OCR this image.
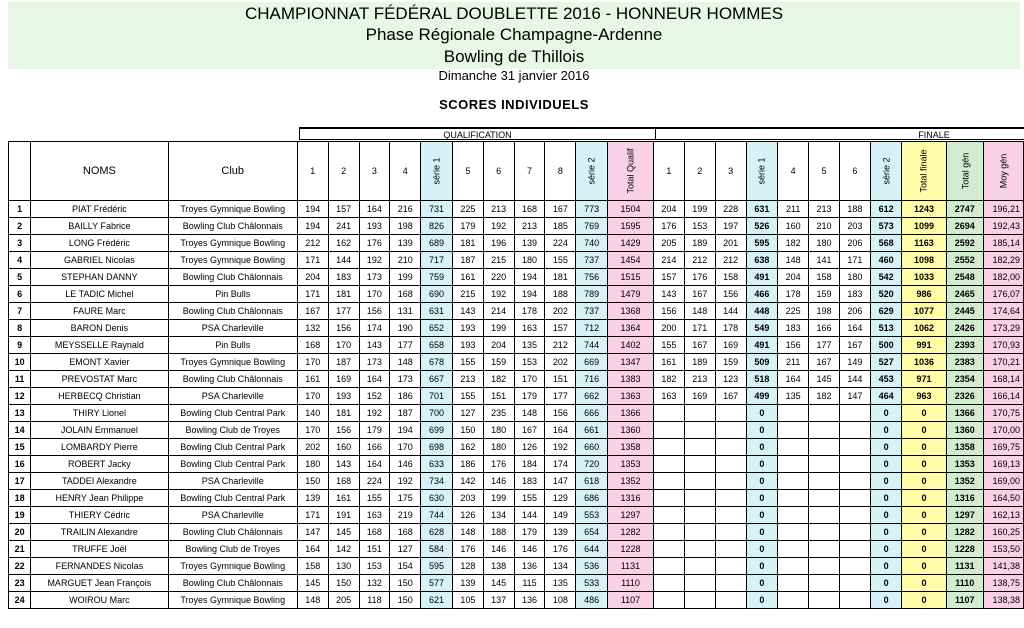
CHAMPIONNAT FÉDÉRAL DOUBLETTE 2016 - HONNEUR HOMMES
Phase Régionale Champagne-Ardenne
Bowling de Thillois
Dimanche 31 janvier 2016
SCORES INDIVIDUELS
QUALIFICATION	FINALE
	NOMS	Club	1	2	3	4	série 1	5	6	7	8	série 2	Total Qualif	1	2	3	série 1	4	5	6	série 2	Total finale	Total gén	Moy gén
1	PIAT Frédéric	Troyes Gymnique Bowling	194	157	164	216	731	225	213	168	167	773	1504	204	199	228	631	211	213	188	612	1243	2747	196,21
2	BAILLY Fabrice	Bowling Club Châlonnais	194	241	193	198	826	179	192	213	185	769	1595	176	153	197	526	160	210	203	573	1099	2694	192,43
3	LONG Frédéric	Troyes Gymnique Bowling	212	162	176	139	689	181	196	139	224	740	1429	205	189	201	595	182	180	206	568	1163	2592	185,14
4	GABRIEL Nicolas	Troyes Gymnique Bowling	171	144	192	210	717	187	215	180	155	737	1454	214	212	212	638	148	141	171	460	1098	2552	182,29
5	STEPHAN DANNY	Bowling Club Châlonnais	204	183	173	199	759	161	220	194	181	756	1515	157	176	158	491	204	158	180	542	1033	2548	182,00
6	LE TADIC Michel	Pin Bulls	171	181	170	168	690	215	192	194	188	789	1479	143	167	156	466	178	159	183	520	986	2465	176,07
7	FAURE Marc	Bowling Club Châlonnais	167	177	156	131	631	143	214	178	202	737	1368	156	148	144	448	225	198	206	629	1077	2445	174,64
8	BARON Denis	PSA Charleville	132	156	174	190	652	193	199	163	157	712	1364	200	171	178	549	183	166	164	513	1062	2426	173,29
9	MEYSSELLE Raynald	Pin Bulls	168	170	143	177	658	193	204	135	212	744	1402	155	167	169	491	156	177	167	500	991	2393	170,93
10	EMONT Xavier	Troyes Gymnique Bowling	170	187	173	148	678	155	159	153	202	669	1347	161	189	159	509	211	167	149	527	1036	2383	170,21
11	PREVOSTAT Marc	Bowling Club Châlonnais	161	169	164	173	667	213	182	170	151	716	1383	182	213	123	518	164	145	144	453	971	2354	168,14
12	HERBECQ Christian	PSA Charleville	170	193	152	186	701	155	151	179	177	662	1363	163	169	167	499	135	182	147	464	963	2326	166,14
13	THIRY Lionel	Bowling Club Central Park	140	181	192	187	700	127	235	148	156	666	1366				0				0	0	1366	170,75
14	JOLAIN Emmanuel	Bowling Club de Troyes	170	156	179	194	699	150	180	167	164	661	1360				0				0	0	1360	170,00
15	LOMBARDY Pierre	Bowling Club Central Park	202	160	166	170	698	162	180	126	192	660	1358				0				0	0	1358	169,75
16	ROBERT Jacky	Bowling Club Central Park	180	143	164	146	633	186	176	184	174	720	1353				0				0	0	1353	169,13
17	TADDEI Alexandre	PSA Charleville	150	168	224	192	734	142	146	183	147	618	1352				0				0	0	1352	169,00
18	HENRY Jean Philippe	Bowling Club Central Park	139	161	155	175	630	203	199	155	129	686	1316				0				0	0	1316	164,50
19	THIERY Cédric	PSA Charleville	171	191	163	219	744	126	134	144	149	553	1297				0				0	0	1297	162,13
20	TRAILIN Alexandre	Bowling Club Châlonnais	147	145	168	168	628	148	188	179	139	654	1282				0				0	0	1282	160,25
21	TRUFFE Joël	Bowling Club de Troyes	164	142	151	127	584	176	146	146	176	644	1228				0				0	0	1228	153,50
22	FERNANDES Nicolas	Troyes Gymnique Bowling	158	130	153	154	595	128	138	136	134	536	1131				0				0	0	1131	141,38
23	MARGUET Jean François	Bowling Club Châlonnais	145	150	132	150	577	139	145	115	135	533	1110				0				0	0	1110	138,75
24	WOIROU Marc	Troyes Gymnique Bowling	148	205	118	150	621	105	137	136	108	486	1107				0				0	0	1107	138,38
